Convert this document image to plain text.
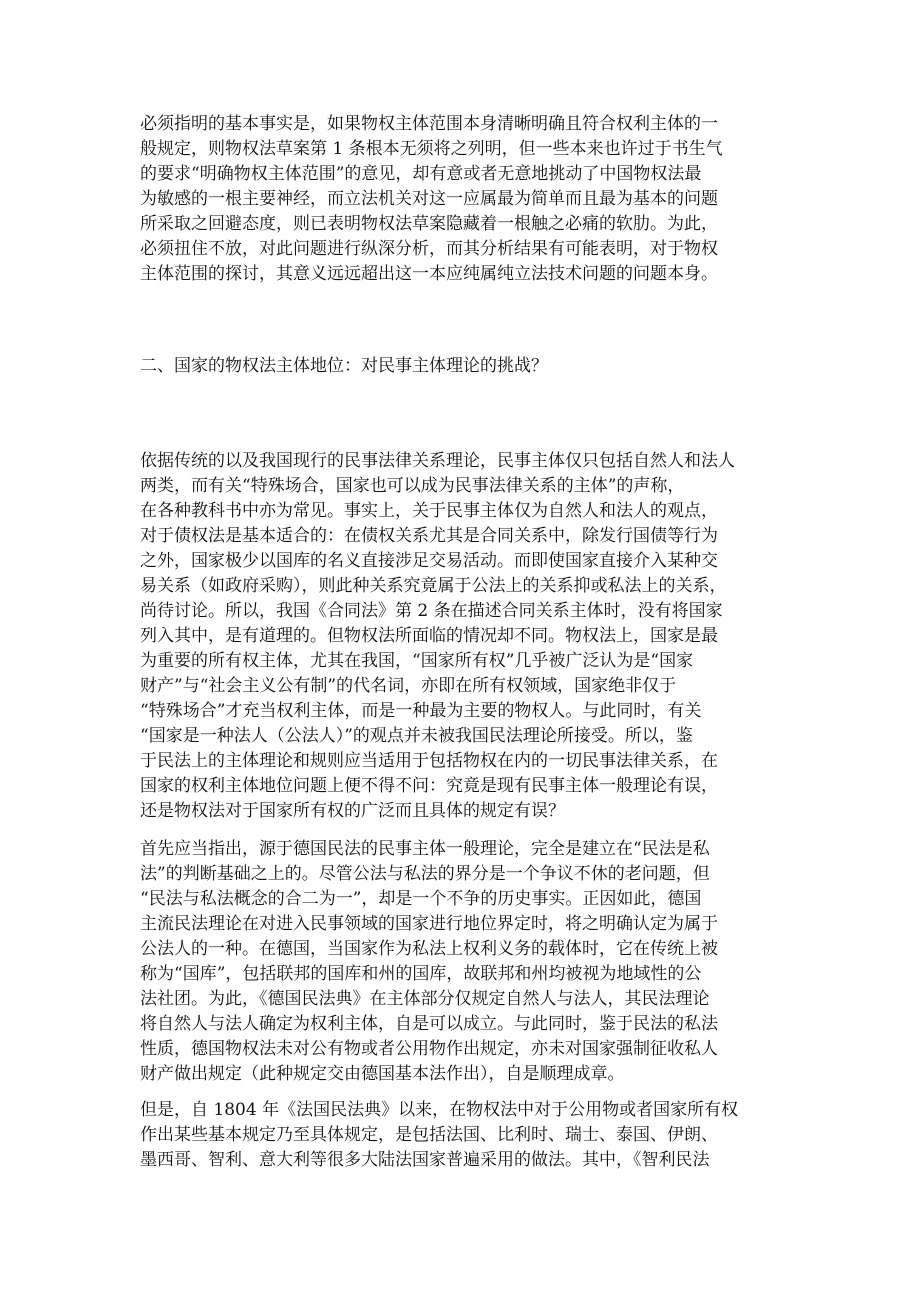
必须指明的基本事实是，如果物权主体范围本身清晰明确且符合权利主体的一
般规定，则物权法草案第 1 条根本无须将之列明，但一些本来也许过于书生气
的要求“明确物权主体范围”的意见，却有意或者无意地挑动了中国物权法最
为敏感的一根主要神经，而立法机关对这一应属最为简单而且最为基本的问题
所采取之回避态度，则已表明物权法草案隐藏着一根触之必痛的软肋。为此，
必须扭住不放，对此问题进行纵深分析，而其分析结果有可能表明，对于物权
主体范围的探讨，其意义远远超出这一本应纯属纯立法技术问题的问题本身。
二、国家的物权法主体地位：对民事主体理论的挑战？
依据传统的以及我国现行的民事法律关系理论，民事主体仅只包括自然人和法人
两类，而有关“特殊场合，国家也可以成为民事法律关系的主体”的声称，
在各种教科书中亦为常见。事实上，关于民事主体仅为自然人和法人的观点，
对于债权法是基本适合的：在债权关系尤其是合同关系中，除发行国债等行为
之外，国家极少以国库的名义直接涉足交易活动。而即使国家直接介入某种交
易关系（如政府采购），则此种关系究竟属于公法上的关系抑或私法上的关系，
尚待讨论。所以，我国《合同法》第 2 条在描述合同关系主体时，没有将国家
列入其中，是有道理的。但物权法所面临的情况却不同。物权法上，国家是最
为重要的所有权主体，尤其在我国，“国家所有权”几乎被广泛认为是“国家
财产”与“社会主义公有制”的代名词，亦即在所有权领域，国家绝非仅于
“特殊场合”才充当权利主体，而是一种最为主要的物权人。与此同时，有关
“国家是一种法人（公法人）”的观点并未被我国民法理论所接受。所以，鉴
于民法上的主体理论和规则应当适用于包括物权在内的一切民事法律关系，在
国家的权利主体地位问题上便不得不问：究竟是现有民事主体一般理论有误，
还是物权法对于国家所有权的广泛而且具体的规定有误？
首先应当指出，源于德国民法的民事主体一般理论，完全是建立在“民法是私
法”的判断基础之上的。尽管公法与私法的界分是一个争议不休的老问题，但
“民法与私法概念的合二为一”，却是一个不争的历史事实。正因如此，德国
主流民法理论在对进入民事领域的国家进行地位界定时，将之明确认定为属于
公法人的一种。在德国，当国家作为私法上权利义务的载体时，它在传统上被
称为“国库”，包括联邦的国库和州的国库，故联邦和州均被视为地域性的公
法社团。为此，《德国民法典》在主体部分仅规定自然人与法人，其民法理论
将自然人与法人确定为权利主体，自是可以成立。与此同时，鉴于民法的私法
性质，德国物权法未对公有物或者公用物作出规定，亦未对国家强制征收私人
财产做出规定（此种规定交由德国基本法作出），自是顺理成章。
但是，自 1804 年《法国民法典》以来，在物权法中对于公用物或者国家所有权
作出某些基本规定乃至具体规定，是包括法国、比利时、瑞士、泰国、伊朗、
墨西哥、智利、意大利等很多大陆法国家普遍采用的做法。其中，《智利民法
